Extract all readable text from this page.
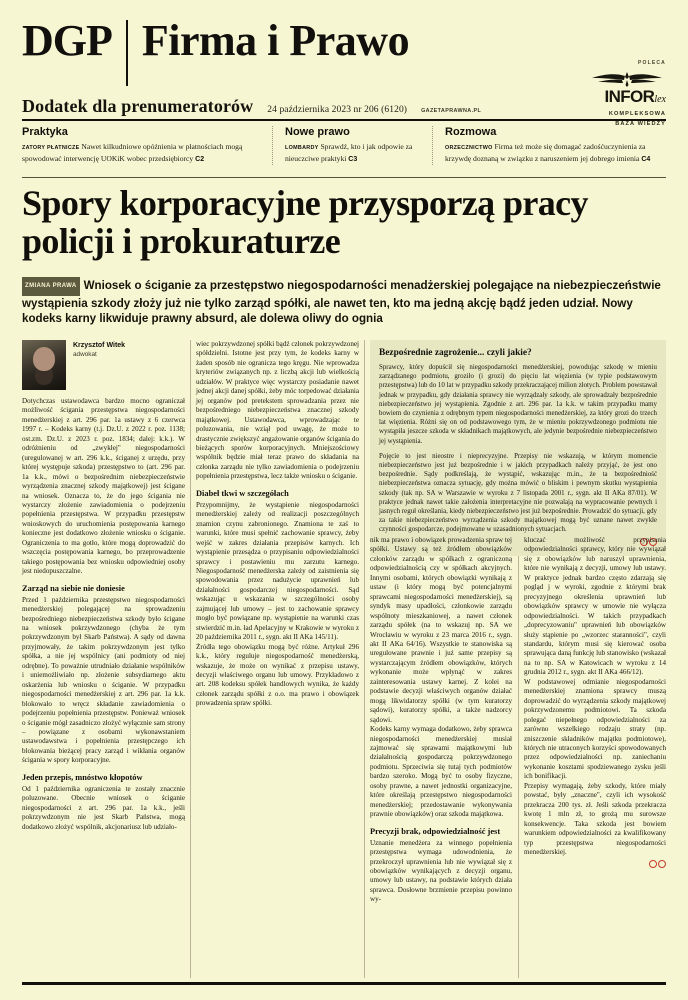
DGP Firma i Prawo
Dodatek dla prenumeratorów 24 października 2023 nr 206 (6120)	GAZETAPRAWNA.PL
POLECA
INFORlex
KOMPLEKSOWA
BAZA WIEDZY
Praktyka
ZATORY PŁATNICZE Nawet kilkudniowe opóźnienia w płatnościach mogą spowodować interwencję UOKiK wobec przedsiębiorcy C2
Nowe prawo
LOMBARDY Sprawdź, kto i jak odpowie za nieuczciwe praktyki C3
Rozmowa
ORZECZNICTWO Firma też może się domagać zadośćuczynienia za krzywdę doznaną w związku z naruszeniem jej dobrego imienia C4
Spory korporacyjne przysporzą pracy policji i prokuraturze
ZMIANA PRAWA Wniosek o ściganie za przestępstwo niegospodarności menadżerskiej polegające na niebezpieczeństwie wystąpienia szkody złoży już nie tylko zarząd spółki, ale nawet ten, kto ma jedną akcję bądź jeden udział. Nowy kodeks karny likwiduje prawny absurd, ale dolewa oliwy do ognia
Krzysztof Witek
adwokat

Dotychczas ustawodawca bardzo mocno ograniczał możliwość ścigania przestępstwa niegospodarności menedżerskiej z art. 296 par. 1a ustawy z 6 czerwca 1997 r. – Kodeks karny (t.j. Dz.U. z 2022 r. poz. 1138; ost.zm. Dz.U. z 2023 r. poz. 1834; dalej: k.k.). W odróżnieniu od „zwykłej" niegospodarności (uregulowanej w art. 296 k.k., ściganej z urzędu, przy której występuje szkoda) przestępstwo to (art. 296 par. 1a k.k., mówi o bezpośrednim niebezpieczeństwie wyrządzenia znacznej szkody majątkowej) jest ścigane na wniosek. Oznacza to, że do jego ścigania nie wystarczy złożenie zawiadomienia o podejrzeniu popełnienia przestępstwa. W przypadku przestępstw wnioskowych do uruchomienia postępowania karnego konieczne jest dodatkowo złożenie wniosku o ściganie. Ograniczenia to ma gotło, które mogą doprowadzić do wszczęcia postępowania karnego, bo przeprowadzenie takiego postępowania bez wniosku odpowiedniej osoby jest niedopuszczalne.

Zarząd na siebie nie doniesie

Przed 1 października przestępstwo niegospodarności menedżerskiej polegającej na sprowadzeniu bezpośredniego niebezpieczeństwa szkody było ścigane na wniosek pokrzywdzonego (chyba że tym pokrzywdzonym był Skarb Państwa). A sądy od dawna przyjmowały, że takim pokrzywdzonym jest tylko spółka, a nie jej wspólnicy (ani podmioty od niej odrębne). To poważnie utrudniało działanie wspólników i uniemożliwiało np. złożenie subsydiarnego aktu oskarżenia lub wniosku o ściganie. W przypadku niegospodarności menedżerskiej z art. 296 par. 1a k.k. blokowało to wręcz składanie zawiadomienia o podejrzeniu popełnienia przestępstw. Ponieważ wniosek o ściganie mógł zasadniczo złożyć wyłącznie sam strony – powiązane z osobami wykonawstaniem ustawodawstwa i popełnienia przestępczego ich blokowania bieżącej pracy zarząd i wikłania organów ścigania w spory korporacyjne.

Jeden przepis, mnóstwo kłopotów

Od 1 października ograniczenia te zostały znacznie poluzowane. Obecnie wniosek o ściganie niegospodarności z art. 296 par. 1a k.k., jeśli pokrzywdzonym nie jest Skarb Państwa, mogą dodatkowo złożyć wspólnik, akcjonariusz lub udziało-

wiec pokrzywdzonej spółki bądź członek pokrzywdzonej spółdzielni. Istotne jest przy tym, że kodeks karny w żaden sposób nie ogranicza tego kręgu. Nie wprowadza kryteriów związanych np. z liczbą akcji lub wielkością udziałów. W praktyce więc wystarczy posiadanie nawet jednej akcji danej spółki, żeby móc torpedować działania jej organów pod pretekstem sprowadzania przez nie bezpośredniego niebezpieczeństwa znacznej szkody majątkowej. Ustawodawca, wprowadzając te poluzowania, nie wziął pod uwagę, że może to drastycznie zwiększyć angażowanie organów ścigania do bieżących sporów korporacyjnych. Mniejszościowy wspólnik będzie miał teraz prawo do składania na członka zarządu nie tylko zawiadomienia o podejrzeniu popełnienia przestępstwa, lecz także wniosku o ściganie.

Diabeł tkwi w szczegółach

Przypomnijmy, że wystąpienie niegospodarności menedżerskiej zależy od realizacji poszczególnych znamion czynu zabronionego. Znamiona te zaś to warunki, które musi spełnić zachowanie sprawcy, żeby wejść w zakres działania przepisów karnych. Ich wystąpienie przesądza o przypisaniu odpowiedzialności sprawcy i postawieniu mu zarzutu karnego. Niegospodarność menedżerska zależy od zaistnienia się spowodowania przez nadużycie uprawnień lub działalności gospodarczej niegospodarności. Sąd wskazując u wskazania w szczególności osoby zajmującej lub umowy – jest to zachowanie sprawcy mogło być powiązane np. wystąpienie na warunki czas stwierdzić m.in. ład Apelacyjny w Krakowie w wyroku z 20 października 2011 r., sygn. akt II AKa 145/11).

Żródła tego obowiązku mogą być różne. Artykuł 296 k.k., który reguluje niegospodarność menedżerską, wskazuje, że może on wynikać z przepisu ustawy, decyzji właściwego organu lub umowy. Przykładowo z art. 208 kodeksu spółek handlowych wynika, że każdy członek zarządu spółki z o.o. ma prawo i obowiązek prowadzenia spraw spółki.

Bezpośrednie zagrożenie... czyli jakie?

Sprawcy, który dopuścił się niegospodarności menedżerskiej, powodując szkodę w mieniu zarządzanego podmiotu, groziło (i grozi) do pięciu lat więzienia (w typie podstawowym przestępstwa) lub do 10 lat w przypadku szkody przekraczającej milion złotych. Problem powstawał jednak w przypadku, gdy działania sprawcy nie wyrządzały szkody, ale sprowadzały bezpośrednie niebezpieczeństwo jej wystąpienia. Zgodnie z art. 296 par. 1a k.k. w takim przypadku mamy bowiem do czynienia z odrębnym typem niegospodarności menedżerskiej, za który grozi do trzech lat więzienia. Różni się on od podstawowego tym, że w mieniu pokrzywdzonego podmiotu nie wystąpiła jeszcze szkoda w składnikach majątkowych, ale jedynie bezpośrednie niebezpieczeństwo jej wystąpienia.

Pojęcie to jest nieostre i nieprecyzyjne. Przepisy nie wskazują, w którym momencie niebezpieczeństwo jest już bezpośrednie i w jakich przypadkach należy przyjąć, że jest ono bezpośrednie. Sądy podkreślają, że wystąpić, wskazując m.in., że ta bezpośredniość niebezpieczeństwa oznacza sytuację, gdy można mówić o bliskim i pewnym skutku wystąpienia szkody (tak np. SA w Warszawie w wyroku z 7 listopada 2001 r., sygn. akt II AKa 87/01). W praktyce jednak nawet takie założenia interpretacyjne nie pozwalają na wypracowanie pewnych i jasnych reguł określania, kiedy niebezpieczeństwo jest już bezpośrednie. Prowadzić do sytuacji, gdy za takie niebezpieczeństwo wyrządzenia szkody majątkowej mogą być uznane nawet zwykłe czynności gospodarcze, podejmowane w uzasadnionych sytuacjach.

nik ma prawo i obowiązek prowadzenia spraw tej spółki. Ustawy są też źródłem obowiązków członków zarządu w spółkach z ograniczoną odpowiedzialnością czy w spółkach akcyjnych. Innymi osobami, których obowiązki wynikają z ustaw (i który mogą być potencjalnymi sprawcami niegospodarności menedżerskiej), są syndyk masy upadłości, członkowie zarządu wspólnoty mieszkaniowej, a nawet członek zarządu spółek (na to wskazuj np. SA we Wrocławiu w wyroku z 23 marca 2016 r., sygn. akt II AKa 64/16). Wszystkie te stanowiska są uregulowane prawnie i już same przepisy są wystarczającym źródłem obowiązków, których wykonanie może wpłynąć w zakres zainteresowania ustawy karnej. Z kolei na podstawie decyzji właściwych organów działać mogą likwidatorzy spółki (w tym kuratorzy sądowi), kuratorzy spółki, a także nadzorcy sądowi.

Kodeks karny wymaga dodatkowo, żeby sprawca niegospodarności menedżerskiej musiał zajmować się sprawami majątkowymi lub działalnością gospodarczą pokrzywdzonego podmiotu. Sprzeciwia się tutaj tych podmiotów bardzo szeroko. Mogą być to osoby fizyczne, osoby prawne, a nawet jednostki organizacyjne, które określają przestępstwo niegospodarności menedżerskiej; przedostawanie wykonywania prawnie obowiązków) oraz szkoda majątkowa.

Precyzji brak, odpowiedzialność jest

Uznanie menedżera za winnego popełnienia przestępstwa wymaga udowodnienia, że przekroczył uprawnienia lub nie wywiązał się z obowiązków wynikających z decyzji organu, umowy lub ustawy, na podstawie których działa sprawca. Dosłowne brzmienie przepisu powinno wy-

kluczać możliwość przypisania odpowiedzialności sprawcy, który nie wywiązał się z obowiązków lub naruszył uprawnienia, które nie wynikają z decyzji, umowy lub ustawy. W praktyce jednak bardzo często zdarzają się pogląd j w wyroki, zgodnie z którymi brak precyzyjnego określenia uprawnień lub obowiązków sprawcy w umowie nie wyłącza odpowiedzialności. W takich przypadkach „doprecyzowaniu" uprawnień lub obowiązków służy stąpienie po „wzorzec staranności", czyli standardu, którym musi się kierować osoba sprawująca daną funkcję lub stanowisko (wskazał na to np. SA w Katowicach w wyroku z 14 grudnia 2012 r., sygn. akt II AKa 466/12).

W podstawowej odmianie niegospodarności menedżerskiej znamiona sprawcy muszą doprowadzić do wyrządzenia szkody majątkowej pokrzywdzonemu podmiotowi. Ta szkoda polegać niepełnego odpowiedzialności za zarówno wszelkiego rodzaju straty (np. zniszczenie składników majątku podmiotowe), których nie utraconych korzyści spowodowanych przez odpowiedzialności np. zaniechaniu wykonanie kosztami spodziewanego zysku jeśli ich bonifikacji.

Przepisy wymagają, żeby szkody, które miały powstać, były „znaczne", czyli ich wysokość przekracza 200 tys. zł. Jeśli szkoda przekracza kwotę 1 mln zł, to grożą mu surowsze konsekwencje. Taka szkoda jest bowiem warunkiem odpowiedzialności za kwalifikowany typ przestępstwa niegospodarności menedżerskiej.
